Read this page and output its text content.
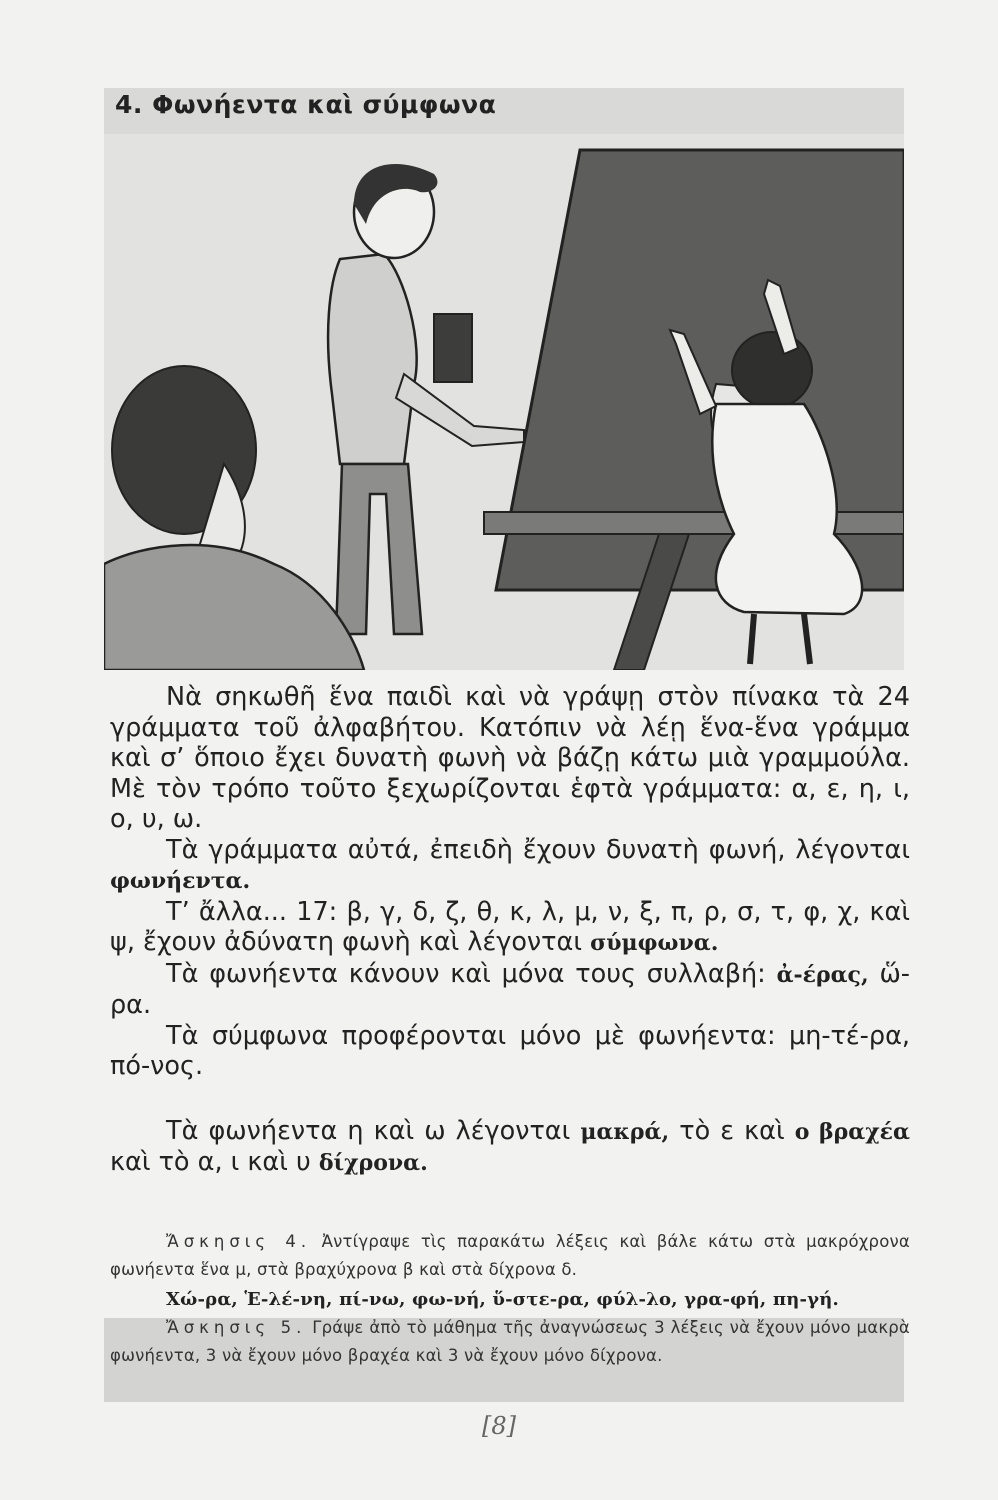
4. Φωνήεντα καὶ σύμφωνα

Νὰ σηκωθῆ ἕνα παιδὶ καὶ νὰ γράψῃ στὸν πίνακα τὰ 24 γράμματα τοῦ ἀλφαβήτου. Κατόπιν νὰ λέῃ ἕνα-ἕνα γράμμα καὶ σ’ ὅποιο ἔχει δυνατὴ φωνὴ νὰ βάζῃ κάτω μιὰ γραμμούλα. Μὲ τὸν τρόπο τοῦτο ξεχωρίζονται ἑφτὰ γράμματα: α, ε, η, ι, ο, υ, ω.

Τὰ γράμματα αὐτά, ἐπειδὴ ἔχουν δυνατὴ φωνή, λέγονται φωνήεντα.

Τ’ ἄλλα... 17: β, γ, δ, ζ, θ, κ, λ, μ, ν, ξ, π, ρ, σ, τ, φ, χ, καὶ ψ, ἔχουν ἀδύνατη φωνὴ καὶ λέγονται σύμφωνα.

Τὰ φωνήεντα κάνουν καὶ μόνα τους συλλαβή: ἀ-έρας, ὥ-ρα.

Τὰ σύμφωνα προφέρονται μόνο μὲ φωνήεντα: μη-τέ-ρα, πό-νος.

Τὰ φωνήεντα η καὶ ω λέγονται μακρά, τὸ ε καὶ ο βραχέα καὶ τὸ α, ι καὶ υ δίχρονα.

Ἄσκησις 4. Ἀντίγραψε τὶς παρακάτω λέξεις καὶ βάλε κάτω στὰ μακρόχρονα φωνήεντα ἕνα μ, στὰ βραχύχρονα β καὶ στὰ δίχρονα δ.

Χώ-ρα, Ἑ-λέ-νη, πί-νω, φω-νή, ὕ-στε-ρα, φύλ-λο, γρα-φή, πη-γή.

Ἄσκησις 5. Γράψε ἀπὸ τὸ μάθημα τῆς ἀναγνώσεως 3 λέξεις νὰ ἔχουν μόνο μακρὰ φωνήεντα, 3 νὰ ἔχουν μόνο βραχέα καὶ 3 νὰ ἔχουν μόνο δίχρονα.

[8]
